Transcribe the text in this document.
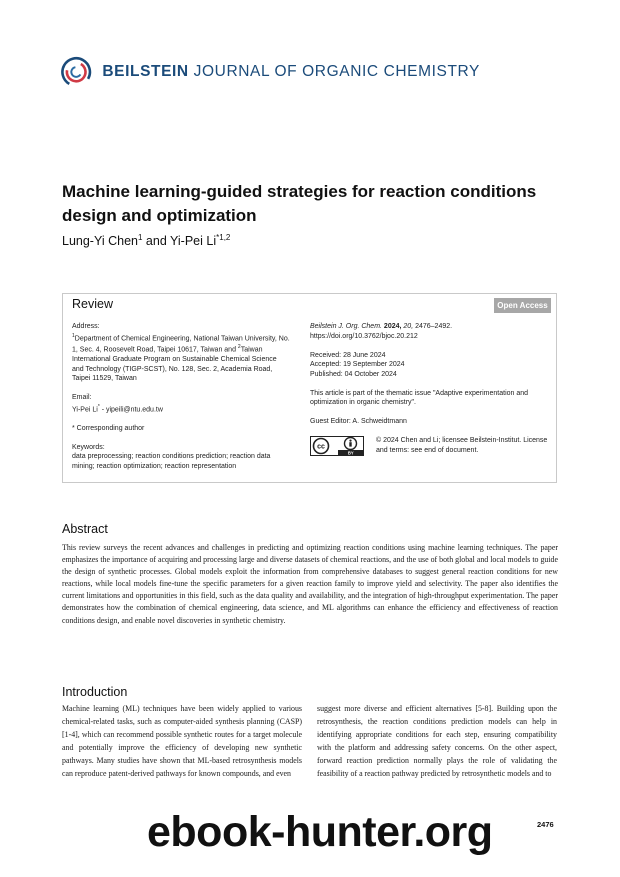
BEILSTEIN JOURNAL OF ORGANIC CHEMISTRY
Machine learning-guided strategies for reaction conditions design and optimization
Lung-Yi Chen$^1$ and Yi-Pei Li$^{*1,2}$
Review	Open Access

Address:

$^1$Department of Chemical Engineering, National Taiwan University, No. 1, Sec. 4, Roosevelt Road, Taipei 10617, Taiwan and $^2$Taiwan International Graduate Program on Sustainable Chemical Science and Technology (TIGP-SCST), No. 128, Sec. 2, Academia Road, Taipei 11529, Taiwan

Email:

Yi-Pei Li* - yipeili@ntu.edu.tw

* Corresponding author

Keywords:

data preprocessing; reaction conditions prediction; reaction data mining; reaction optimization; reaction representation

Beilstein J. Org. Chem. 2024, 20, 2476–2492.

https://doi.org/10.3762/bjoc.20.212

Received: 28 June 2024

Accepted: 19 September 2024

Published: 04 October 2024

This article is part of the thematic issue "Adaptive experimentation and optimization in organic chemistry".

Guest Editor: A. Schweidtmann

cc
BY

© 2024 Chen and Li; licensee Beilstein-Institut. License and terms: see end of document.

Abstract
This review surveys the recent advances and challenges in predicting and optimizing reaction conditions using machine learning techniques. The paper emphasizes the importance of acquiring and processing large and diverse datasets of chemical reactions, and the use of both global and local models to guide the design of synthetic processes. Global models exploit the information from comprehensive databases to suggest general reaction conditions for new reactions, while local models fine-tune the specific parameters for a given reaction family to improve yield and selectivity. The paper also identifies the current limitations and opportunities in this field, such as the data quality and availability, and the integration of high-throughput experimentation. The paper demonstrates how the combination of chemical engineering, data science, and ML algorithms can enhance the efficiency and effectiveness of reaction conditions design, and enable novel discoveries in synthetic chemistry.
Introduction
Machine learning (ML) techniques have been widely applied to various chemical-related tasks, such as computer-aided synthesis planning (CASP) [1-4], which can recommend possible synthetic routes for a target molecule and potentially improve the efficiency of developing new synthetic pathways. Many studies have shown that ML-based retrosynthesis models can reproduce patent-derived pathways for known compounds, and even
suggest more diverse and efficient alternatives [5-8]. Building upon the retrosynthesis, the reaction conditions prediction models can help in identifying appropriate conditions for each step, ensuring compatibility with the platform and addressing safety concerns. On the other aspect, forward reaction prediction normally plays the role of validating the feasibility of a reaction pathway predicted by retrosynthetic models and to
2476
ebook-hunter.org
